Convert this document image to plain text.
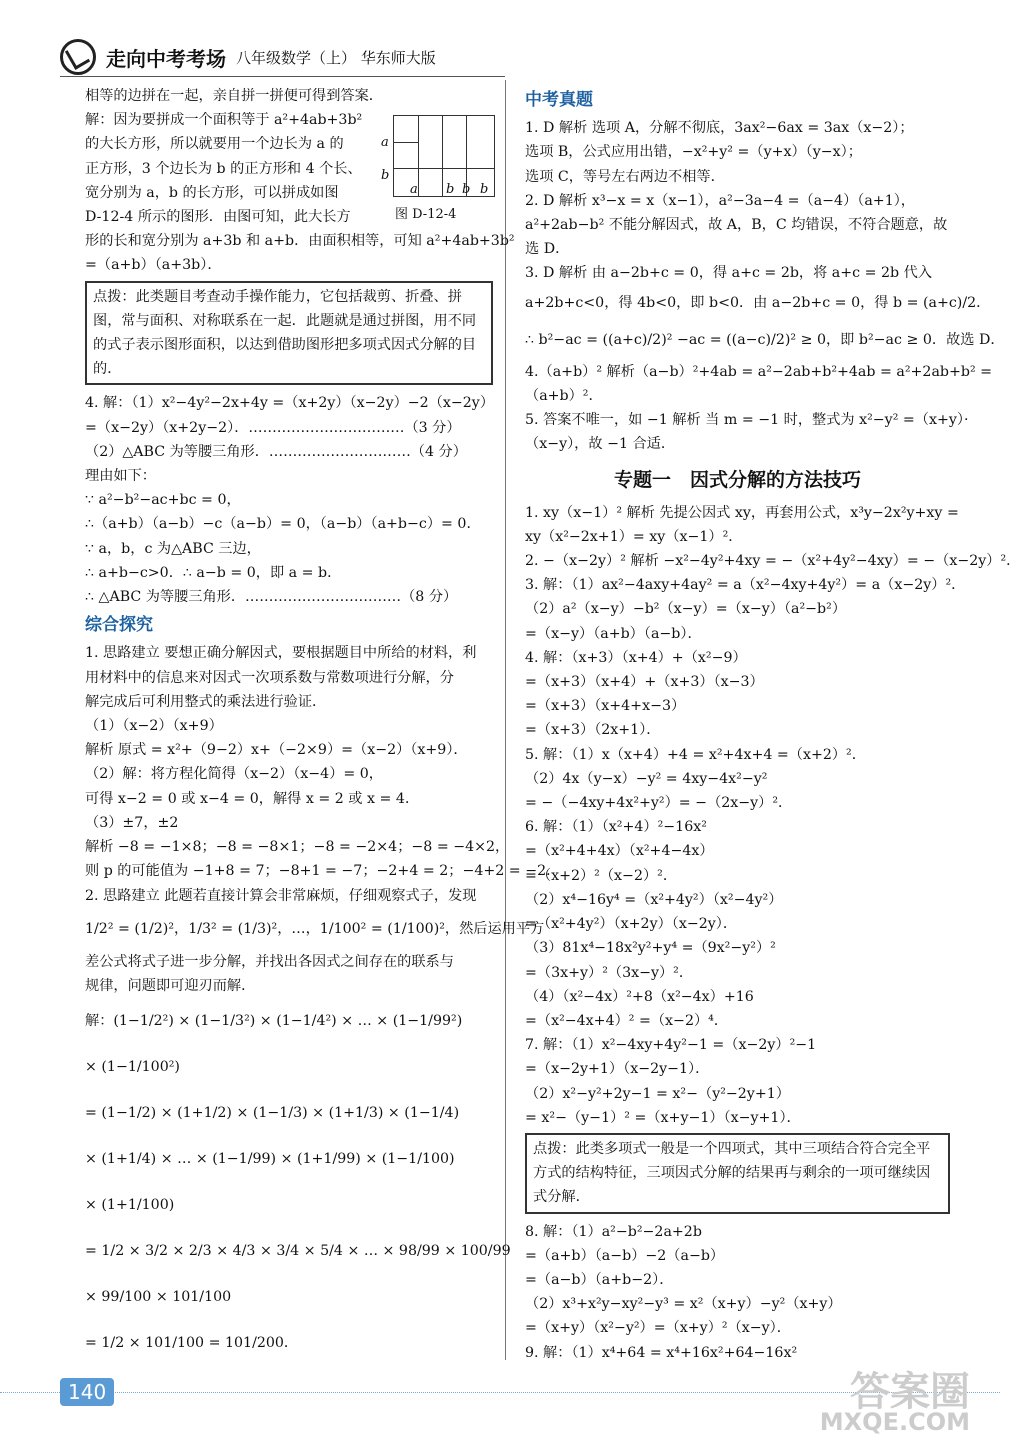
走向中考考场 八年级数学（上） 华东师大版
a
b
a b b b
图 D-12-4
相等的边拼在一起，亲自拼一拼便可得到答案．
解：因为要拼成一个面积等于 a²+4ab+3b²
的大长方形，所以就要用一个边长为 a 的
正方形，3 个边长为 b 的正方形和 4 个长、
宽分别为 a，b 的长方形，可以拼成如图
D-12-4 所示的图形．由图可知，此大长方
形的长和宽分别为 a+3b 和 a+b．由面积相等，可知 a²+4ab+3b²
=（a+b）（a+3b）．
点拨：此类题目考查动手操作能力，它包括裁剪、折叠、拼图，常与面积、对称联系在一起．此题就是通过拼图，用不同的式子表示图形面积，以达到借助图形把多项式因式分解的目的．
4. 解：（1）x²−4y²−2x+4y =（x+2y）（x−2y）−2（x−2y）
=（x−2y）（x+2y−2）．……………………………（3 分）
（2）△ABC 为等腰三角形．…………………………（4 分）
理由如下：
∵ a²−b²−ac+bc = 0，
∴（a+b）（a−b）−c（a−b）= 0，（a−b）（a+b−c）= 0．
∵ a，b，c 为△ABC 三边，
∴ a+b−c>0．∴ a−b = 0，即 a = b．
∴ △ABC 为等腰三角形．……………………………（8 分）
综合探究
1. 思路建立 要想正确分解因式，要根据题目中所给的材料，利
用材料中的信息来对因式一次项系数与常数项进行分解，分
解完成后可利用整式的乘法进行验证．
（1）（x−2）（x+9）
解析 原式 = x²+（9−2）x+（−2×9）=（x−2）（x+9）．
（2）解：将方程化简得（x−2）（x−4）= 0，
可得 x−2 = 0 或 x−4 = 0，解得 x = 2 或 x = 4．
（3）±7，±2
解析 −8 = −1×8；−8 = −8×1；−8 = −2×4；−8 = −4×2，
则 p 的可能值为 −1+8 = 7；−8+1 = −7；−2+4 = 2；−4+2 = −2．
2. 思路建立 此题若直接计算会非常麻烦，仔细观察式子，发现
1/2² = (1/2)²，1/3² = (1/3)²，…，1/100² = (1/100)²，然后运用平方
差公式将式子进一步分解，并找出各因式之间存在的联系与
规律，问题即可迎刃而解．
解：(1−1/2²) × (1−1/3²) × (1−1/4²) × … × (1−1/99²)
× (1−1/100²)
= (1−1/2) × (1+1/2) × (1−1/3) × (1+1/3) × (1−1/4)
× (1+1/4) × … × (1−1/99) × (1+1/99) × (1−1/100)
× (1+1/100)
= 1/2 × 3/2 × 2/3 × 4/3 × 3/4 × 5/4 × … × 98/99 × 100/99
× 99/100 × 101/100
= 1/2 × 101/100 = 101/200．
中考真题
1. D 解析 选项 A，分解不彻底，3ax²−6ax = 3ax（x−2）；
选项 B，公式应用出错，−x²+y² =（y+x）（y−x）；
选项 C，等号左右两边不相等．
2. D 解析 x³−x = x（x−1），a²−3a−4 =（a−4）（a+1），
a²+2ab−b² 不能分解因式，故 A，B，C 均错误，不符合题意，故
选 D．
3. D 解析 由 a−2b+c = 0，得 a+c = 2b，将 a+c = 2b 代入
a+2b+c<0，得 4b<0，即 b<0．由 a−2b+c = 0，得 b = (a+c)/2．
∴ b²−ac = ((a+c)/2)² −ac = ((a−c)/2)² ≥ 0，即 b²−ac ≥ 0．故选 D．
4.（a+b）² 解析（a−b）²+4ab = a²−2ab+b²+4ab = a²+2ab+b² =
（a+b）²．
5. 答案不唯一，如 −1 解析 当 m = −1 时，整式为 x²−y² =（x+y）·
（x−y），故 −1 合适．
专题一　因式分解的方法技巧
1. xy（x−1）² 解析 先提公因式 xy，再套用公式，x³y−2x²y+xy =
xy（x²−2x+1）= xy（x−1）²．
2. −（x−2y）² 解析 −x²−4y²+4xy = −（x²+4y²−4xy）= −（x−2y）²．
3. 解：（1）ax²−4axy+4ay² = a（x²−4xy+4y²）= a（x−2y）²．
（2）a²（x−y）−b²（x−y）=（x−y）（a²−b²）
=（x−y）（a+b）（a−b）．
4. 解：（x+3）（x+4）+（x²−9）
=（x+3）（x+4）+（x+3）（x−3）
=（x+3）（x+4+x−3）
=（x+3）（2x+1）．
5. 解：（1）x（x+4）+4 = x²+4x+4 =（x+2）²．
（2）4x（y−x）−y² = 4xy−4x²−y²
= −（−4xy+4x²+y²）= −（2x−y）²．
6. 解：（1）（x²+4）²−16x²
=（x²+4+4x）（x²+4−4x）
=（x+2）²（x−2）²．
（2）x⁴−16y⁴ =（x²+4y²）（x²−4y²）
=（x²+4y²）（x+2y）（x−2y）．
（3）81x⁴−18x²y²+y⁴ =（9x²−y²）²
=（3x+y）²（3x−y）²．
（4）（x²−4x）²+8（x²−4x）+16
=（x²−4x+4）² =（x−2）⁴．
7. 解：（1）x²−4xy+4y²−1 =（x−2y）²−1
=（x−2y+1）（x−2y−1）．
（2）x²−y²+2y−1 = x²−（y²−2y+1）
= x²−（y−1）² =（x+y−1）（x−y+1）．
点拨：此类多项式一般是一个四项式，其中三项结合符合完全平方式的结构特征，三项因式分解的结果再与剩余的一项可继续因式分解．
8. 解：（1）a²−b²−2a+2b
=（a+b）（a−b）−2（a−b）
=（a−b）（a+b−2）．
（2）x³+x²y−xy²−y³ = x²（x+y）−y²（x+y）
=（x+y）（x²−y²）=（x+y）²（x−y）．
9. 解：（1）x⁴+64 = x⁴+16x²+64−16x²
140	答案圈
MXQE.COM
